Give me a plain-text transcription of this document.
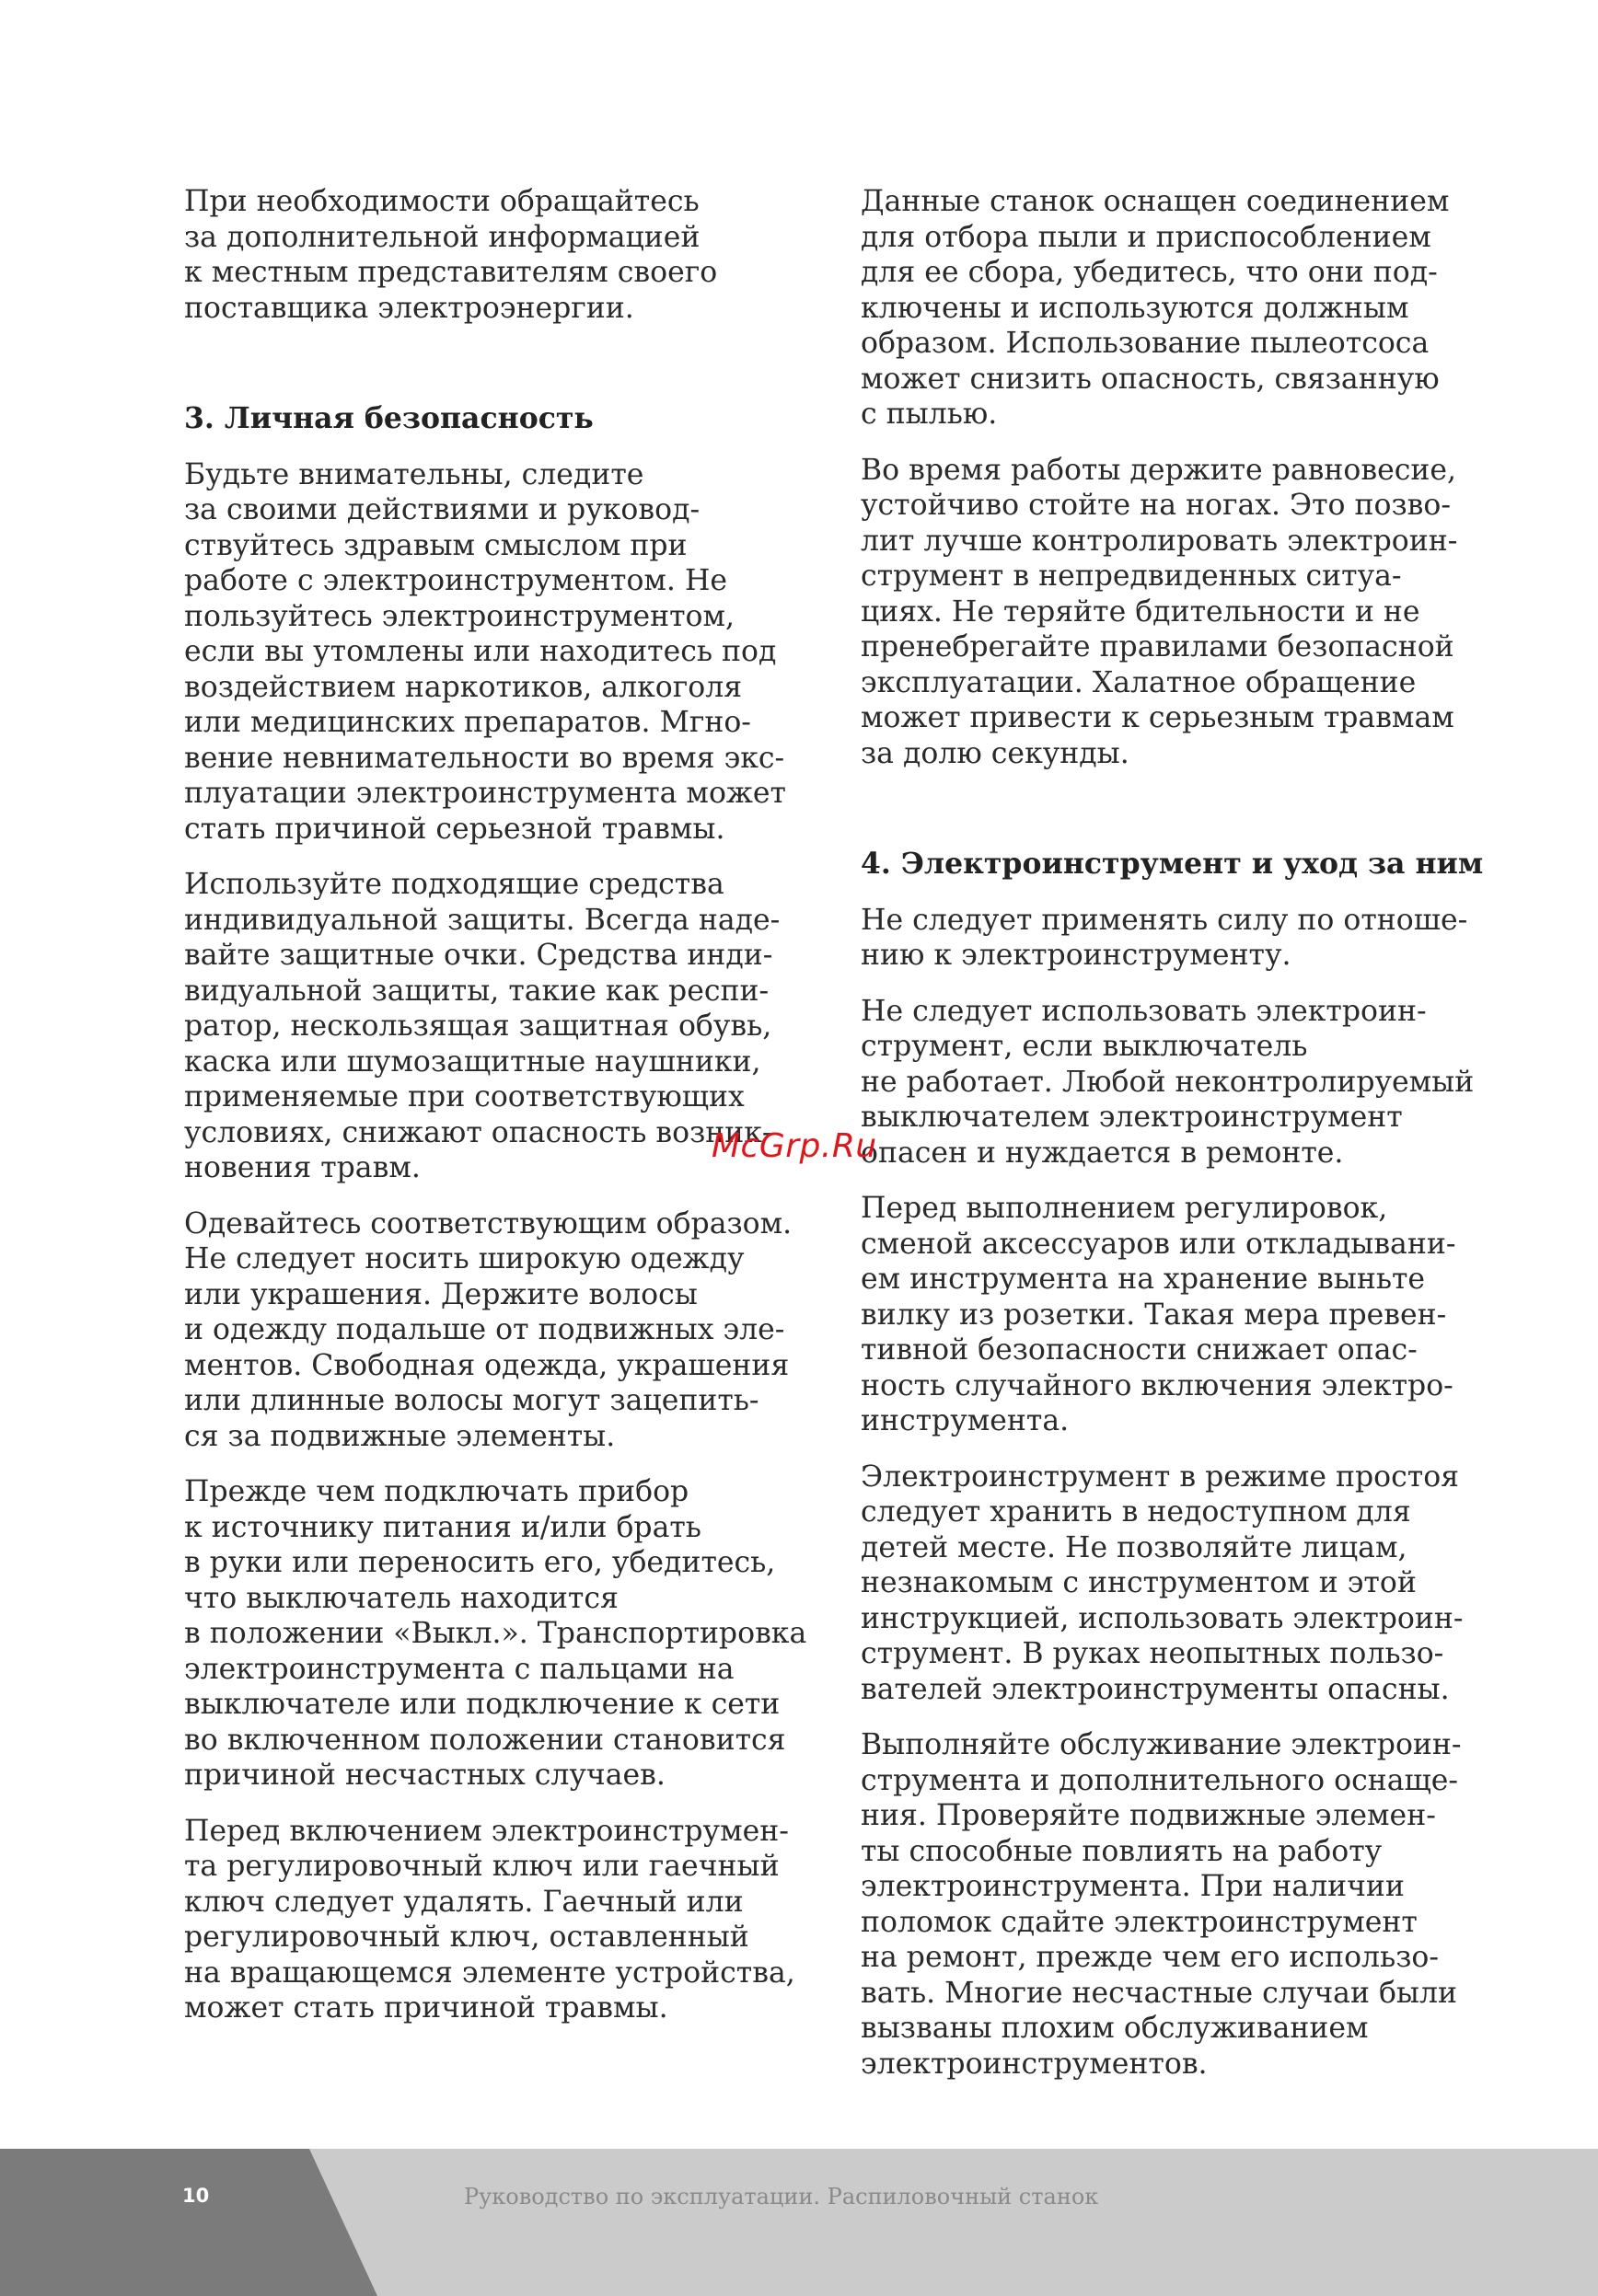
При необходимости обращайтесь
за дополнительной информацией
к местным представителям своего
поставщика электроэнергии.

3. Личная безопасность

Будьте внимательны, следите
за своими действиями и руковод-
ствуйтесь здравым смыслом при
работе с электроинструментом. Не
пользуйтесь электроинструментом,
если вы утомлены или находитесь под
воздействием наркотиков, алкоголя
или медицинских препаратов. Мгно-
вение невнимательности во время экс-
плуатации электроинструмента может
стать причиной серьезной травмы.

Используйте подходящие средства
индивидуальной защиты. Всегда наде-
вайте защитные очки. Средства инди-
видуальной защиты, такие как респи-
ратор, нескользящая защитная обувь,
каска или шумозащитные наушники,
применяемые при соответствующих
условиях, снижают опасность возник-
новения травм.

Одевайтесь соответствующим образом.
Не следует носить широкую одежду
или украшения. Держите волосы
и одежду подальше от подвижных эле-
ментов. Свободная одежда, украшения
или длинные волосы могут зацепить-
ся за подвижные элементы.

Прежде чем подключать прибор
к источнику питания и/или брать
в руки или переносить его, убедитесь,
что выключатель находится
в положении «Выкл.». Транспортировка
электроинструмента с пальцами на
выключателе или подключение к сети
во включенном положении становится
причиной несчастных случаев.

Перед включением электроинструмен-
та регулировочный ключ или гаечный
ключ следует удалять. Гаечный или
регулировочный ключ, оставленный
на вращающемся элементе устройства,
может стать причиной травмы.

Данные станок оснащен соединением
для отбора пыли и приспособлением
для ее сбора, убедитесь, что они под-
ключены и используются должным
образом. Использование пылеотсоса
может снизить опасность, связанную
с пылью.

Во время работы держите равновесие,
устойчиво стойте на ногах. Это позво-
лит лучше контролировать электроин-
струмент в непредвиденных ситуа-
циях. Не теряйте бдительности и не
пренебрегайте правилами безопасной
эксплуатации. Халатное обращение
может привести к серьезным травмам
за долю секунды.

4. Электроинструмент и уход за ним

Не следует применять силу по отноше-
нию к электроинструменту.

Не следует использовать электроин-
струмент, если выключатель
не работает. Любой неконтролируемый
выключателем электроинструмент
опасен и нуждается в ремонте.

Перед выполнением регулировок,
сменой аксессуаров или откладывани-
ем инструмента на хранение выньте
вилку из розетки. Такая мера превен-
тивной безопасности снижает опас-
ность случайного включения электро-
инструмента.

Электроинструмент в режиме простоя
следует хранить в недоступном для
детей месте. Не позволяйте лицам,
незнакомым с инструментом и этой
инструкцией, использовать электроин-
струмент. В руках неопытных пользо-
вателей электроинструменты опасны.

Выполняйте обслуживание электроин-
струмента и дополнительного оснаще-
ния. Проверяйте подвижные элемен-
ты способные повлиять на работу
электроинструмента. При наличии
поломок сдайте электроинструмент
на ремонт, прежде чем его использо-
вать. Многие несчастные случаи были
вызваны плохим обслуживанием
электроинструментов.

McGrp.Ru
10	Руководство по эксплуатации. Распиловочный станок
